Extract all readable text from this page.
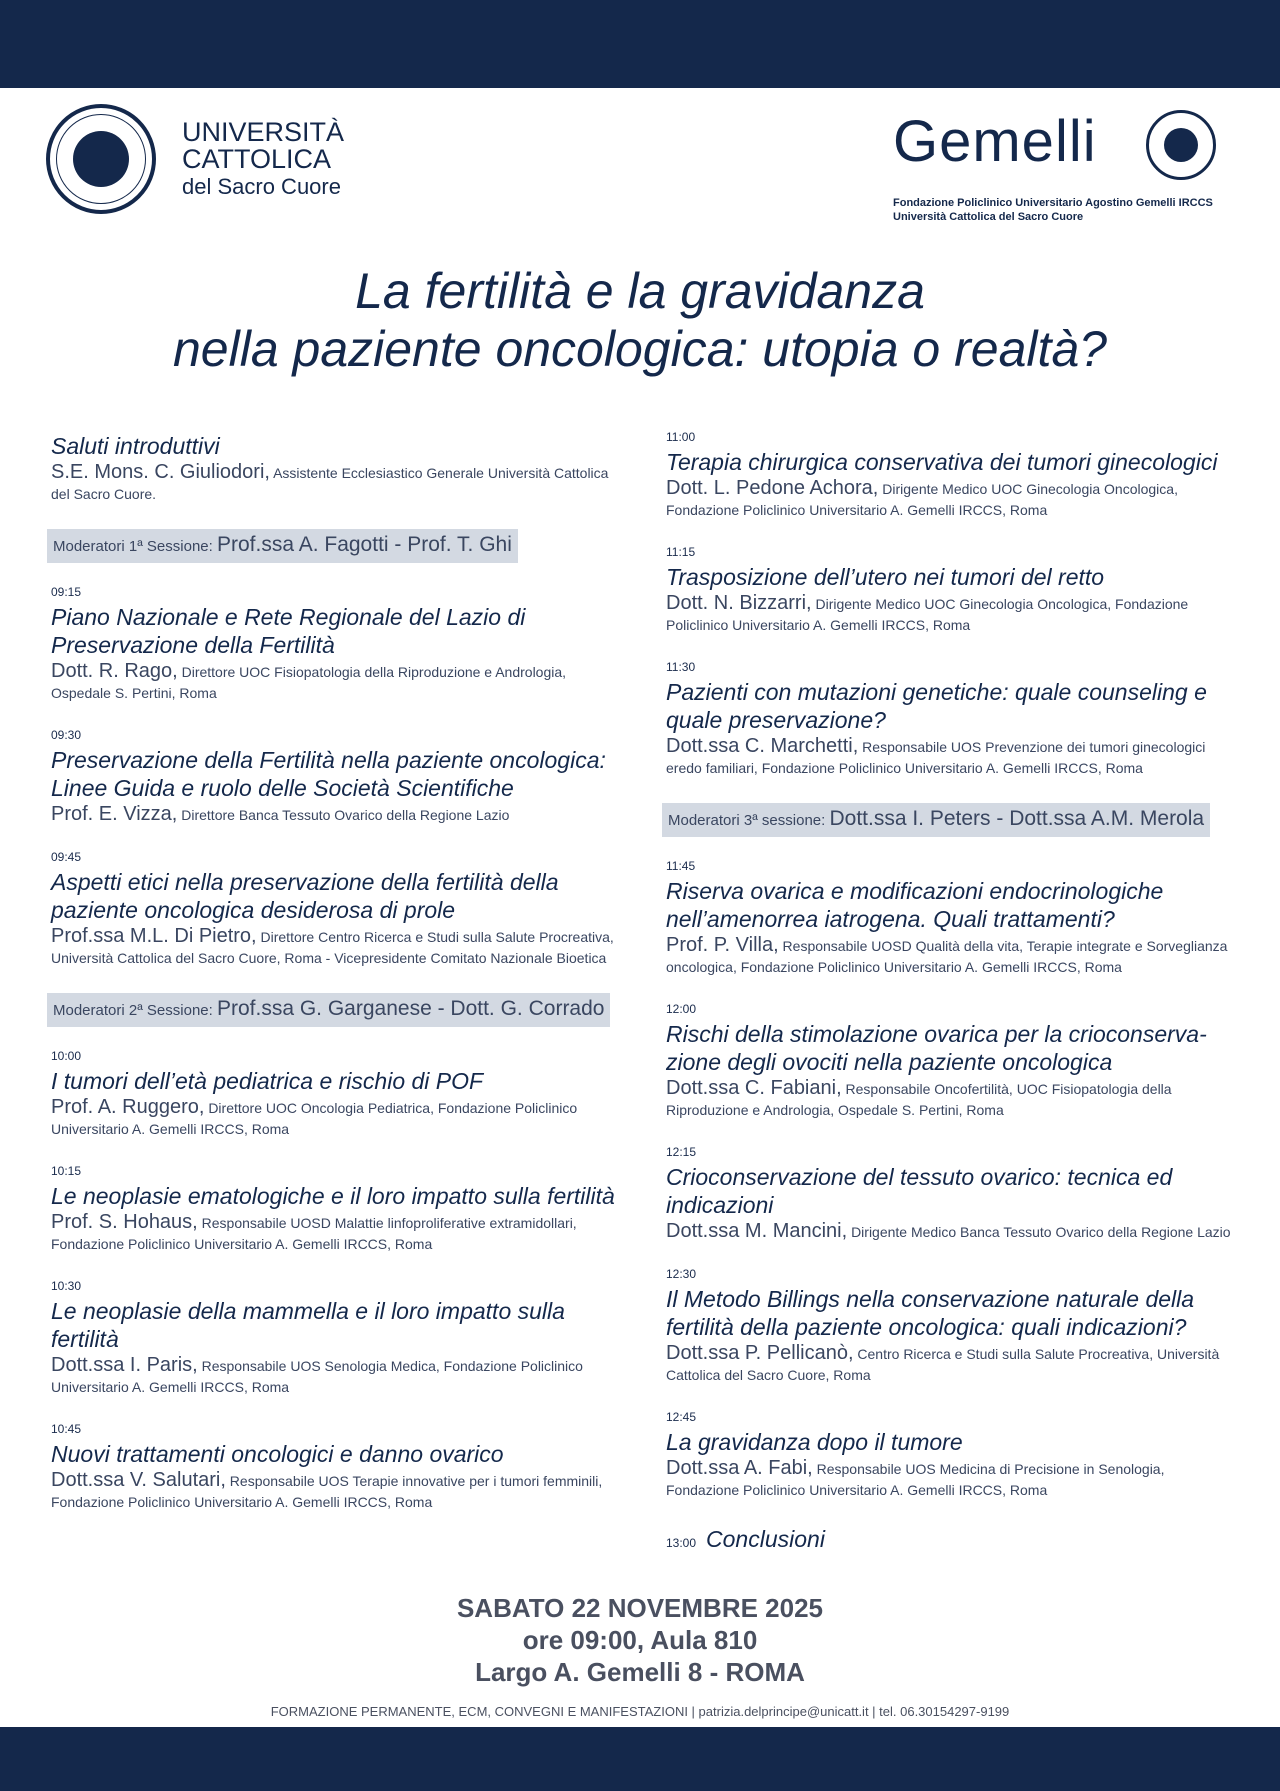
UNIVERSITÀ
CATTOLICA
del Sacro Cuore
Gemelli
Fondazione Policlinico Universitario Agostino Gemelli IRCCS
Università Cattolica del Sacro Cuore
La fertilità e la gravidanza
nella paziente oncologica: utopia o realtà?
Saluti introduttivi
S.E. Mons. C. Giuliodori, Assistente Ecclesiastico Generale Università Cattolica del Sacro Cuore.
Moderatori 1ª Sessione: Prof.ssa A. Fagotti - Prof. T. Ghi
09:15
Piano Nazionale e Rete Regionale del Lazio di Preservazione della Fertilità
Dott. R. Rago, Direttore UOC Fisiopatologia della Riproduzione e Andrologia, Ospedale S. Pertini, Roma
09:30
Preservazione della Fertilità nella paziente oncologica: Linee Guida e ruolo delle Società Scientifiche
Prof. E. Vizza, Direttore Banca Tessuto Ovarico della Regione Lazio
09:45
Aspetti etici nella preservazione della fertilità della paziente oncologica desiderosa di prole
Prof.ssa M.L. Di Pietro, Direttore Centro Ricerca e Studi sulla Salute Procreativa, Università Cattolica del Sacro Cuore, Roma - Vicepresidente Comitato Nazionale Bioetica
Moderatori 2ª Sessione: Prof.ssa G. Garganese - Dott. G. Corrado
10:00
I tumori dell’età pediatrica e rischio di POF
Prof. A. Ruggero, Direttore UOC Oncologia Pediatrica, Fondazione Policlinico Universitario A. Gemelli IRCCS, Roma
10:15
Le neoplasie ematologiche e il loro impatto sulla fertilità
Prof. S. Hohaus, Responsabile UOSD Malattie linfoproliferative extramidollari, Fondazione Policlinico Universitario A. Gemelli IRCCS, Roma
10:30
Le neoplasie della mammella e il loro impatto sulla fertilità
Dott.ssa I. Paris, Responsabile UOS Senologia Medica, Fondazione Policlinico Universitario A. Gemelli IRCCS, Roma
10:45
Nuovi trattamenti oncologici e danno ovarico
Dott.ssa V. Salutari, Responsabile UOS Terapie innovative per i tumori femminili, Fondazione Policlinico Universitario A. Gemelli IRCCS, Roma
11:00
Terapia chirurgica conservativa dei tumori ginecologici
Dott. L. Pedone Achora, Dirigente Medico UOC Ginecologia Oncologica, Fondazione Policlinico Universitario A. Gemelli IRCCS, Roma
11:15
Trasposizione dell’utero nei tumori del retto
Dott. N. Bizzarri, Dirigente Medico UOC Ginecologia Oncologica, Fondazione Policlinico Universitario A. Gemelli IRCCS, Roma
11:30
Pazienti con mutazioni genetiche: quale counseling e quale preservazione?
Dott.ssa C. Marchetti, Responsabile UOS Prevenzione dei tumori ginecologici eredo familiari, Fondazione Policlinico Universitario A. Gemelli IRCCS, Roma
Moderatori 3ª sessione: Dott.ssa I. Peters - Dott.ssa A.M. Merola
11:45
Riserva ovarica e modificazioni endocrinologiche nell’amenorrea iatrogena. Quali trattamenti?
Prof. P. Villa, Responsabile UOSD Qualità della vita, Terapie integrate e Sorveglianza oncologica, Fondazione Policlinico Universitario A. Gemelli IRCCS, Roma
12:00
Rischi della stimolazione ovarica per la crioconserva-zione degli ovociti nella paziente oncologica
Dott.ssa C. Fabiani, Responsabile Oncofertilità, UOC Fisiopatologia della Riproduzione e Andrologia, Ospedale S. Pertini, Roma
12:15
Crioconservazione del tessuto ovarico: tecnica ed indicazioni
Dott.ssa M. Mancini, Dirigente Medico Banca Tessuto Ovarico della Regione Lazio
12:30
Il Metodo Billings nella conservazione naturale della fertilità della paziente oncologica: quali indicazioni?
Dott.ssa P. Pellicanò, Centro Ricerca e Studi sulla Salute Procreativa, Università Cattolica del Sacro Cuore, Roma
12:45
La gravidanza dopo il tumore
Dott.ssa A. Fabi, Responsabile UOS Medicina di Precisione in Senologia, Fondazione Policlinico Universitario A. Gemelli IRCCS, Roma
13:00 Conclusioni
SABATO 22 NOVEMBRE 2025
ore 09:00, Aula 810
Largo A. Gemelli 8 - ROMA
FORMAZIONE PERMANENTE, ECM, CONVEGNI E MANIFESTAZIONI | patrizia.delprincipe@unicatt.it | tel. 06.30154297-9199
